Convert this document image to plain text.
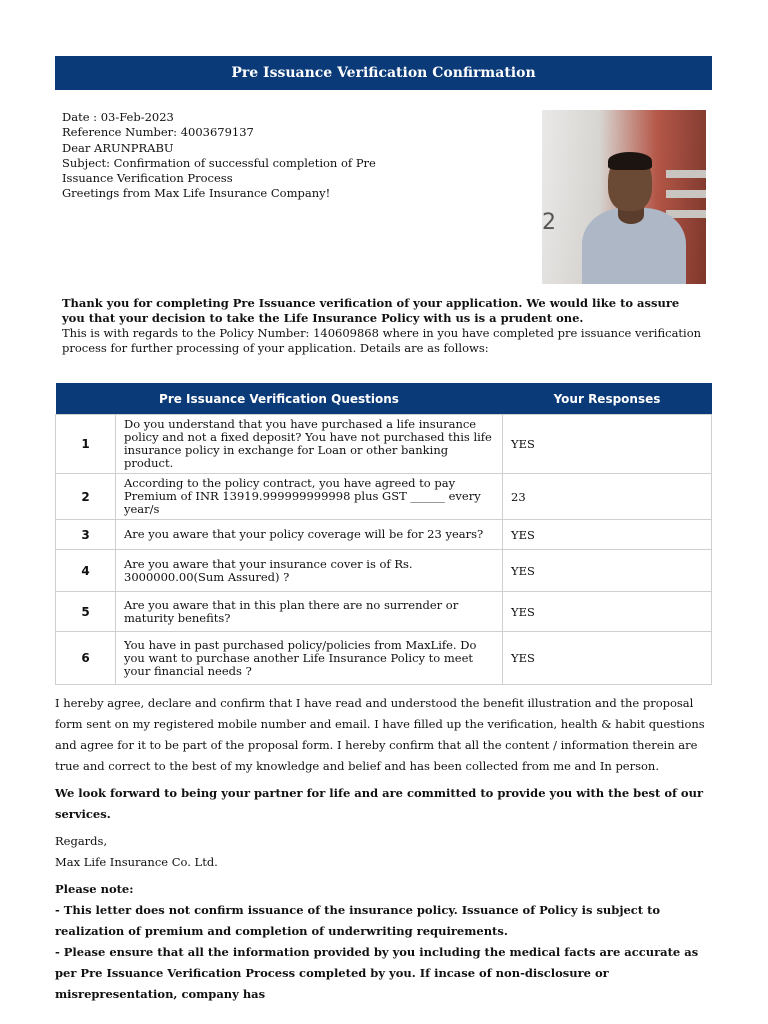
Pre Issuance Verification Confirmation
Date : 03-Feb-2023
Reference Number: 4003679137
Dear ARUNPRABU
Subject: Confirmation of successful completion of Pre
Issuance Verification Process
Greetings from Max Life Insurance Company!
2
Thank you for completing Pre Issuance verification of your application. We would like to assure you that your decision to take the Life Insurance Policy with us is a prudent one.
This is with regards to the Policy Number: 140609868 where in you have completed pre issuance verification process for further processing of your application. Details are as follows:
Pre Issuance Verification Questions		Your Responses
1	Do you understand that you have purchased a life insurance policy and not a fixed deposit? You have not purchased this life insurance policy in exchange for Loan or other banking product.	YES
2	According to the policy contract, you have agreed to pay Premium of INR 13919.999999999998 plus GST ______ every year/s	23
3	Are you aware that your policy coverage will be for 23 years?	YES
4	Are you aware that your insurance cover is of Rs. 3000000.00(Sum Assured) ?	YES
5	Are you aware that in this plan there are no surrender or maturity benefits?	YES
6	You have in past purchased policy/policies from MaxLife. Do you want to purchase another Life Insurance Policy to meet your financial needs ?	YES

I hereby agree, declare and confirm that I have read and understood the benefit illustration and the proposal form sent on my registered mobile number and email. I have filled up the verification, health & habit questions and agree for it to be part of the proposal form. I hereby confirm that all the content / information therein are true and correct to the best of my knowledge and belief and has been collected from me and In person.

We look forward to being your partner for life and are committed to provide you with the best of our services.

Regards,

Max Life Insurance Co. Ltd.

Please note:

- This letter does not confirm issuance of the insurance policy. Issuance of Policy is subject to realization of premium and completion of underwriting requirements.

- Please ensure that all the information provided by you including the medical facts are accurate as per Pre Issuance Verification Process completed by you. If incase of non-disclosure or misrepresentation, company has
